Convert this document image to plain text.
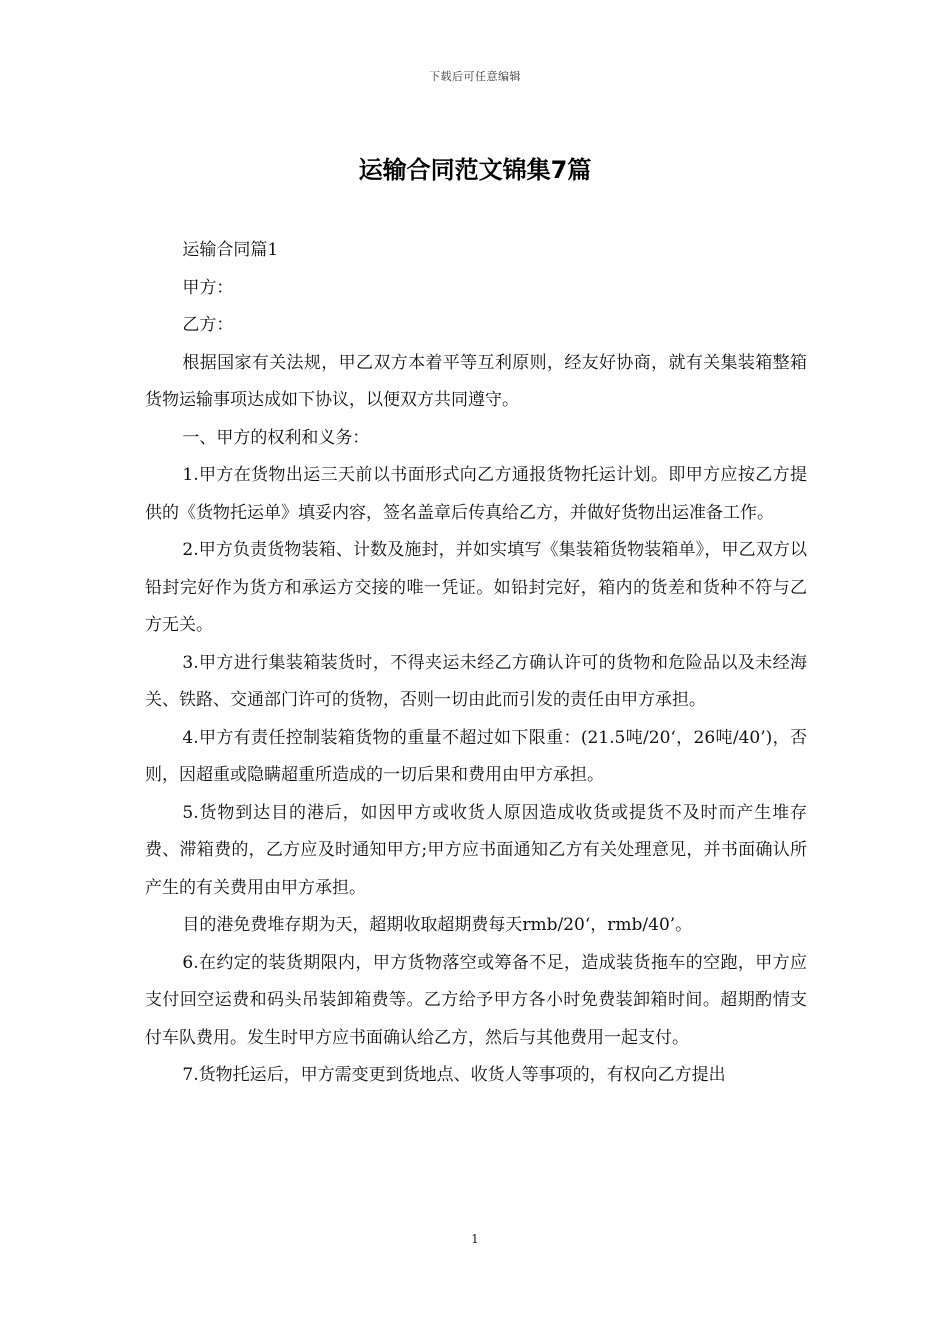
下载后可任意编辑
运输合同范文锦集7篇

运输合同篇1

甲方：

乙方：

根据国家有关法规，甲乙双方本着平等互利原则，经友好协商，就有关集装箱整箱货物运输事项达成如下协议，以便双方共同遵守。

一、甲方的权利和义务：

1.甲方在货物出运三天前以书面形式向乙方通报货物托运计划。即甲方应按乙方提供的《货物托运单》填妥内容，签名盖章后传真给乙方，并做好货物出运准备工作。

2.甲方负责货物装箱、计数及施封，并如实填写《集装箱货物装箱单》，甲乙双方以铅封完好作为货方和承运方交接的唯一凭证。如铅封完好，箱内的货差和货种不符与乙方无关。

3.甲方进行集装箱装货时，不得夹运未经乙方确认许可的货物和危险品以及未经海关、铁路、交通部门许可的货物，否则一切由此而引发的责任由甲方承担。

4.甲方有责任控制装箱货物的重量不超过如下限重：(21.5吨/20‘，26吨/40’)，否则，因超重或隐瞒超重所造成的一切后果和费用由甲方承担。

5.货物到达目的港后，如因甲方或收货人原因造成收货或提货不及时而产生堆存费、滞箱费的，乙方应及时通知甲方;甲方应书面通知乙方有关处理意见，并书面确认所产生的有关费用由甲方承担。

目的港免费堆存期为天，超期收取超期费每天rmb/20‘，rmb/40’。

6.在约定的装货期限内，甲方货物落空或筹备不足，造成装货拖车的空跑，甲方应支付回空运费和码头吊装卸箱费等。乙方给予甲方各小时免费装卸箱时间。超期酌情支付车队费用。发生时甲方应书面确认给乙方，然后与其他费用一起支付。

7.货物托运后，甲方需变更到货地点、收货人等事项的，有权向乙方提出

1
